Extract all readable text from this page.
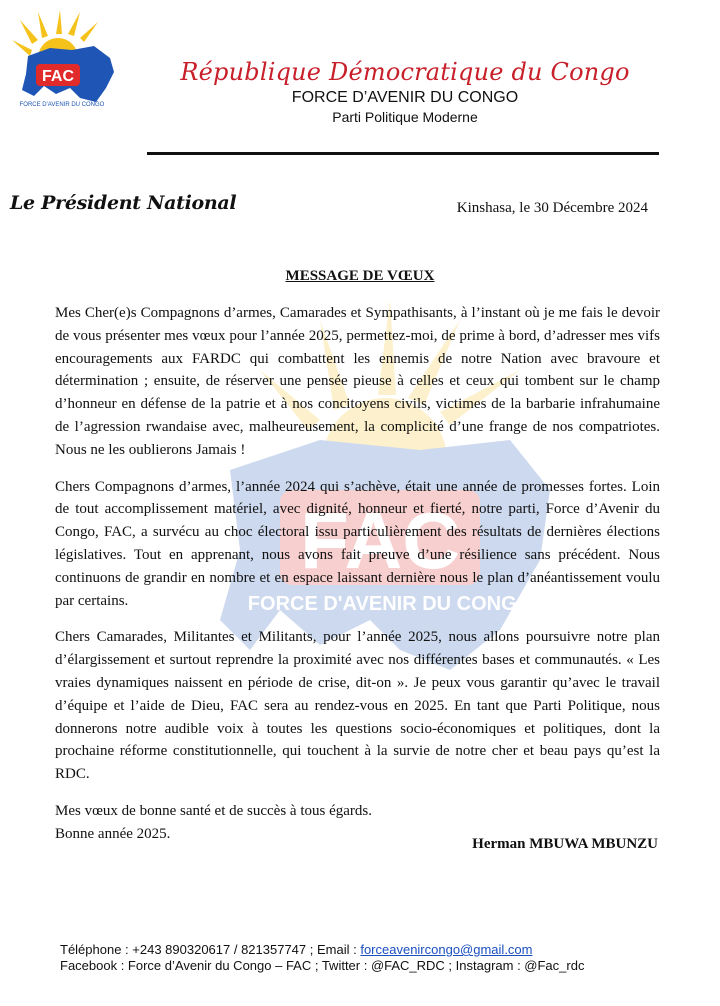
FAC
FORCE D'AVENIR DU CONGO
République Démocratique du Congo
FORCE D’AVENIR DU CONGO
Parti Politique Moderne
Le Président National	Kinshasa, le 30 Décembre 2024
FAC
FORCE D'AVENIR DU CONGO
MESSAGE DE VŒUX

Mes Cher(e)s Compagnons d’armes, Camarades et Sympathisants, à l’instant où je me fais le devoir de vous présenter mes vœux pour l’année 2025, permettez-moi, de prime à bord, d’adresser mes vifs encouragements aux FARDC qui combattent les ennemis de notre Nation avec bravoure et détermination ; ensuite, de réserver une pensée pieuse à celles et ceux qui tombent sur le champ d’honneur en défense de la patrie et à nos concitoyens civils, victimes de la barbarie infrahumaine de l’agression rwandaise avec, malheureusement, la complicité d’une frange de nos compatriotes. Nous ne les oublierons Jamais !

Chers Compagnons d’armes, l’année 2024 qui s’achève, était une année de promesses fortes. Loin de tout accomplissement matériel, avec dignité, honneur et fierté, notre parti, Force d’Avenir du Congo, FAC, a survécu au choc électoral issu particulièrement des résultats de dernières élections législatives. Tout en apprenant, nous avons fait preuve d’une résilience sans précédent. Nous continuons de grandir en nombre et en espace laissant dernière nous le plan d’anéantissement voulu par certains.

Chers Camarades, Militantes et Militants, pour l’année 2025, nous allons poursuivre notre plan d’élargissement et surtout reprendre la proximité avec nos différentes bases et communautés. « Les vraies dynamiques naissent en période de crise, dit-on ». Je peux vous garantir qu’avec le travail d’équipe et l’aide de Dieu, FAC sera au rendez-vous en 2025. En tant que Parti Politique, nous donnerons notre audible voix à toutes les questions socio-économiques et politiques, dont la prochaine réforme constitutionnelle, qui touchent à la survie de notre cher et beau pays qu’est la RDC.

Mes vœux de bonne santé et de succès à tous égards.
Bonne année 2025.
Herman MBUWA MBUNZU
Téléphone : +243 890320617 / 821357747 ; Email : forceavenircongo@gmail.com
Facebook : Force d’Avenir du Congo – FAC ; Twitter : @FAC_RDC ; Instagram : @Fac_rdc
